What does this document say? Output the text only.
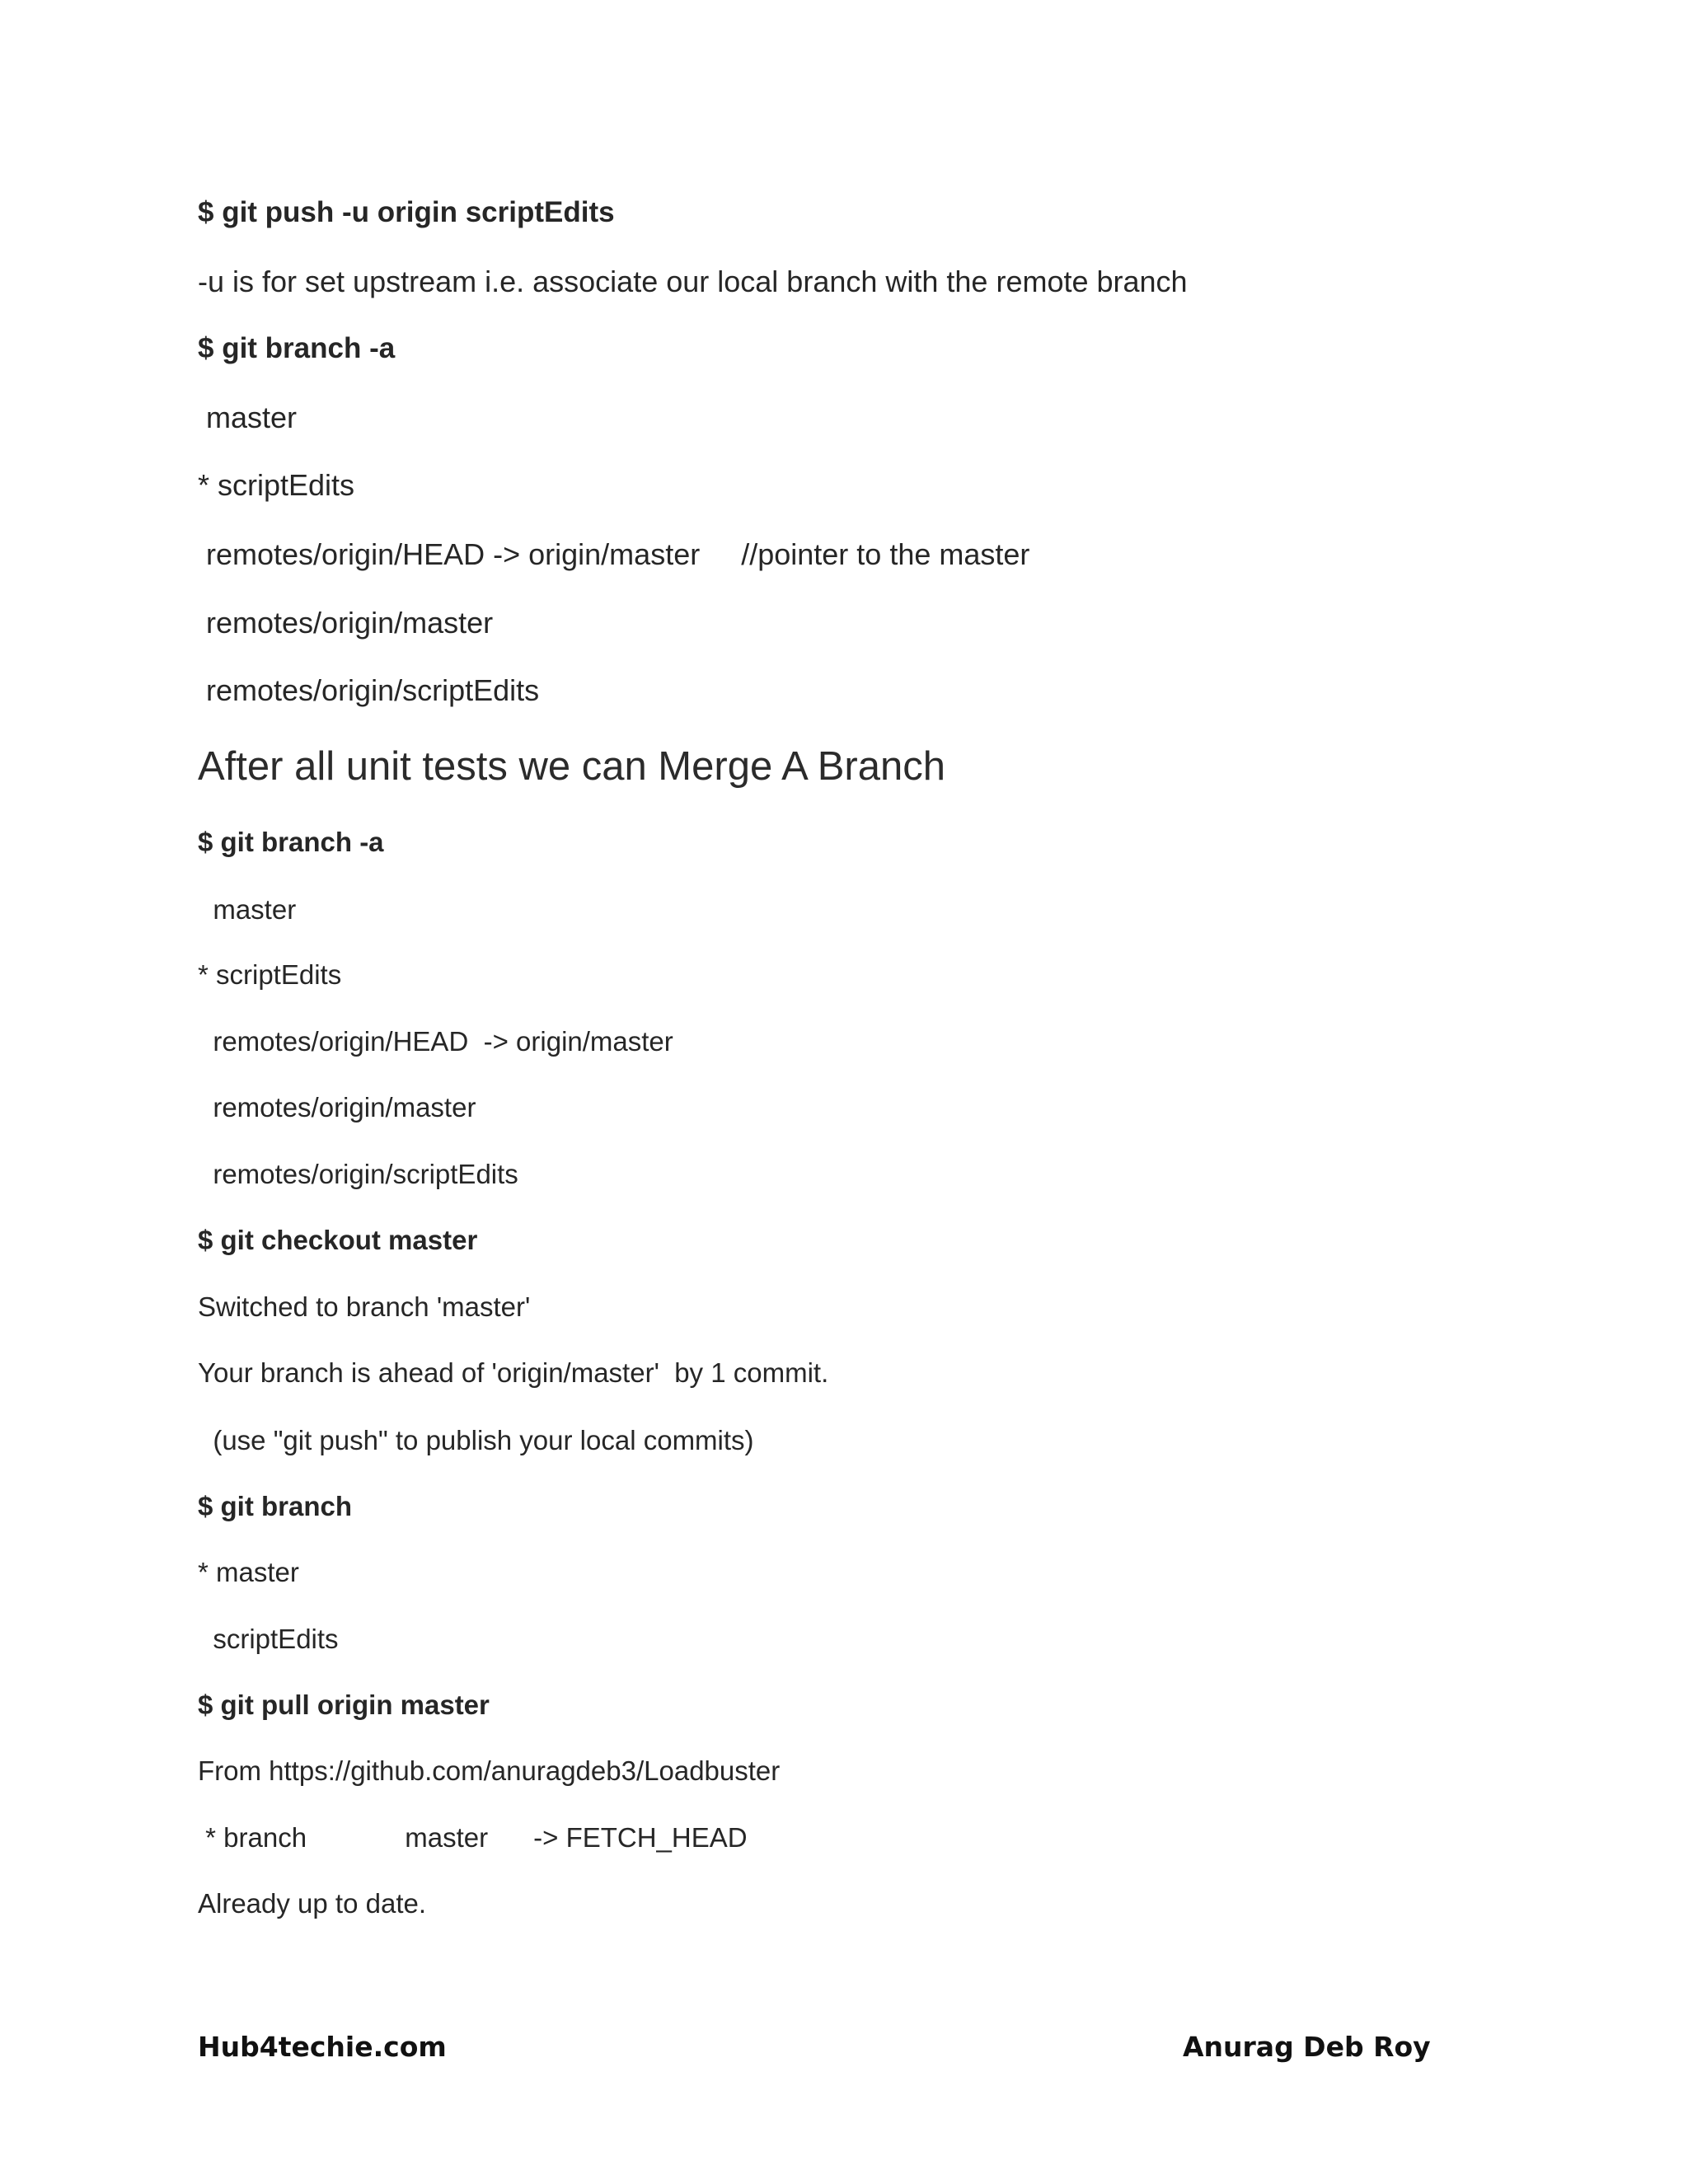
$ git push -u origin scriptEdits
-u is for set upstream i.e. associate our local branch with the remote branch
$ git branch -a
master
* scriptEdits
remotes/origin/HEAD -> origin/master     //pointer to the master
remotes/origin/master
remotes/origin/scriptEdits
After all unit tests we can Merge A Branch
$ git branch -a
master
* scriptEdits
remotes/origin/HEAD  -> origin/master
remotes/origin/master
remotes/origin/scriptEdits
$ git checkout master
Switched to branch 'master'
Your branch is ahead of 'origin/master'  by 1 commit.
(use "git push" to publish your local commits)
$ git branch
* master
scriptEdits
$ git pull origin master
From https://github.com/anuragdeb3/Loadbuster
* branch             master      -> FETCH_HEAD
Already up to date.
Hub4techie.com	Anurag Deb Roy
